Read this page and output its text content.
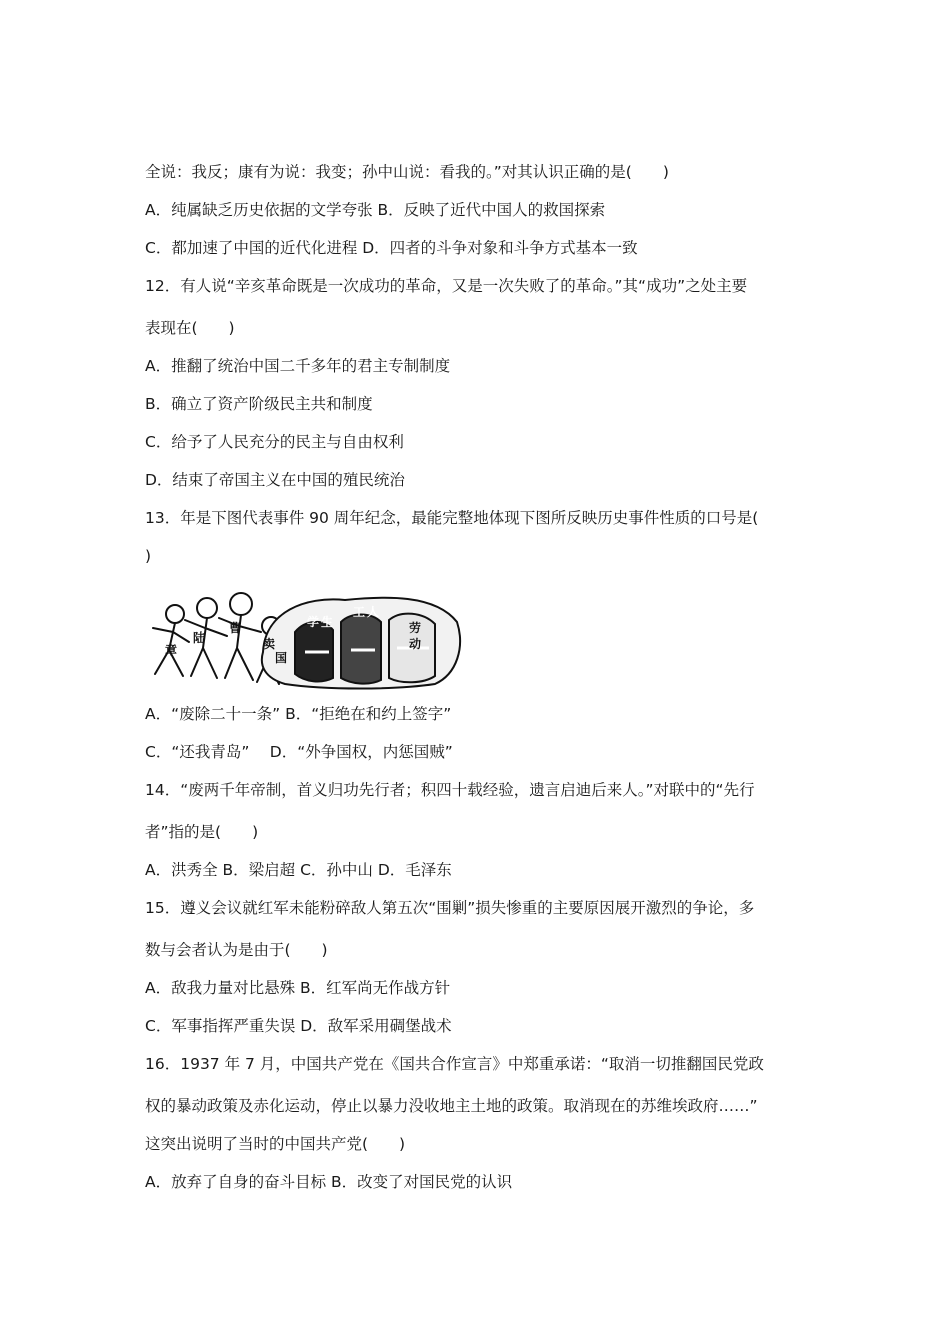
全说：我反；康有为说：我变；孙中山说：看我的。”对其认识正确的是(　　)
A．纯属缺乏历史依据的文学夸张 B．反映了近代中国人的救国探索
C．都加速了中国的近代化进程 D．四者的斗争对象和斗争方式基本一致
12．有人说“辛亥革命既是一次成功的革命，又是一次失败了的革命。”其“成功”之处主要
表现在(　　)
A．推翻了统治中国二千多年的君主专制制度
B．确立了资产阶级民主共和制度
C．给予了人民充分的民主与自由权利
D．结束了帝国主义在中国的殖民统治
13．年是下图代表事件 90 周年纪念，最能完整地体现下图所反映历史事件性质的口号是(
)
章
陆
曹
卖
国
学 生
工 人
劳
动
A．“废除二十一条” B．“拒绝在和约上签字”
C．“还我青岛”　 D．“外争国权，内惩国贼”
14．“废两千年帝制，首义归功先行者；积四十载经验，遗言启迪后来人。”对联中的“先行
者”指的是(　　)
A．洪秀全 B．梁启超 C．孙中山 D．毛泽东
15．遵义会议就红军未能粉碎敌人第五次“围剿”损失惨重的主要原因展开激烈的争论，多
数与会者认为是由于(　　)
A．敌我力量对比悬殊 B．红军尚无作战方针
C．军事指挥严重失误 D．敌军采用碉堡战术
16．1937 年 7 月，中国共产党在《国共合作宣言》中郑重承诺：“取消一切推翻国民党政
权的暴动政策及赤化运动，停止以暴力没收地主土地的政策。取消现在的苏维埃政府……”
这突出说明了当时的中国共产党(　　)
A．放弃了自身的奋斗目标 B．改变了对国民党的认识
